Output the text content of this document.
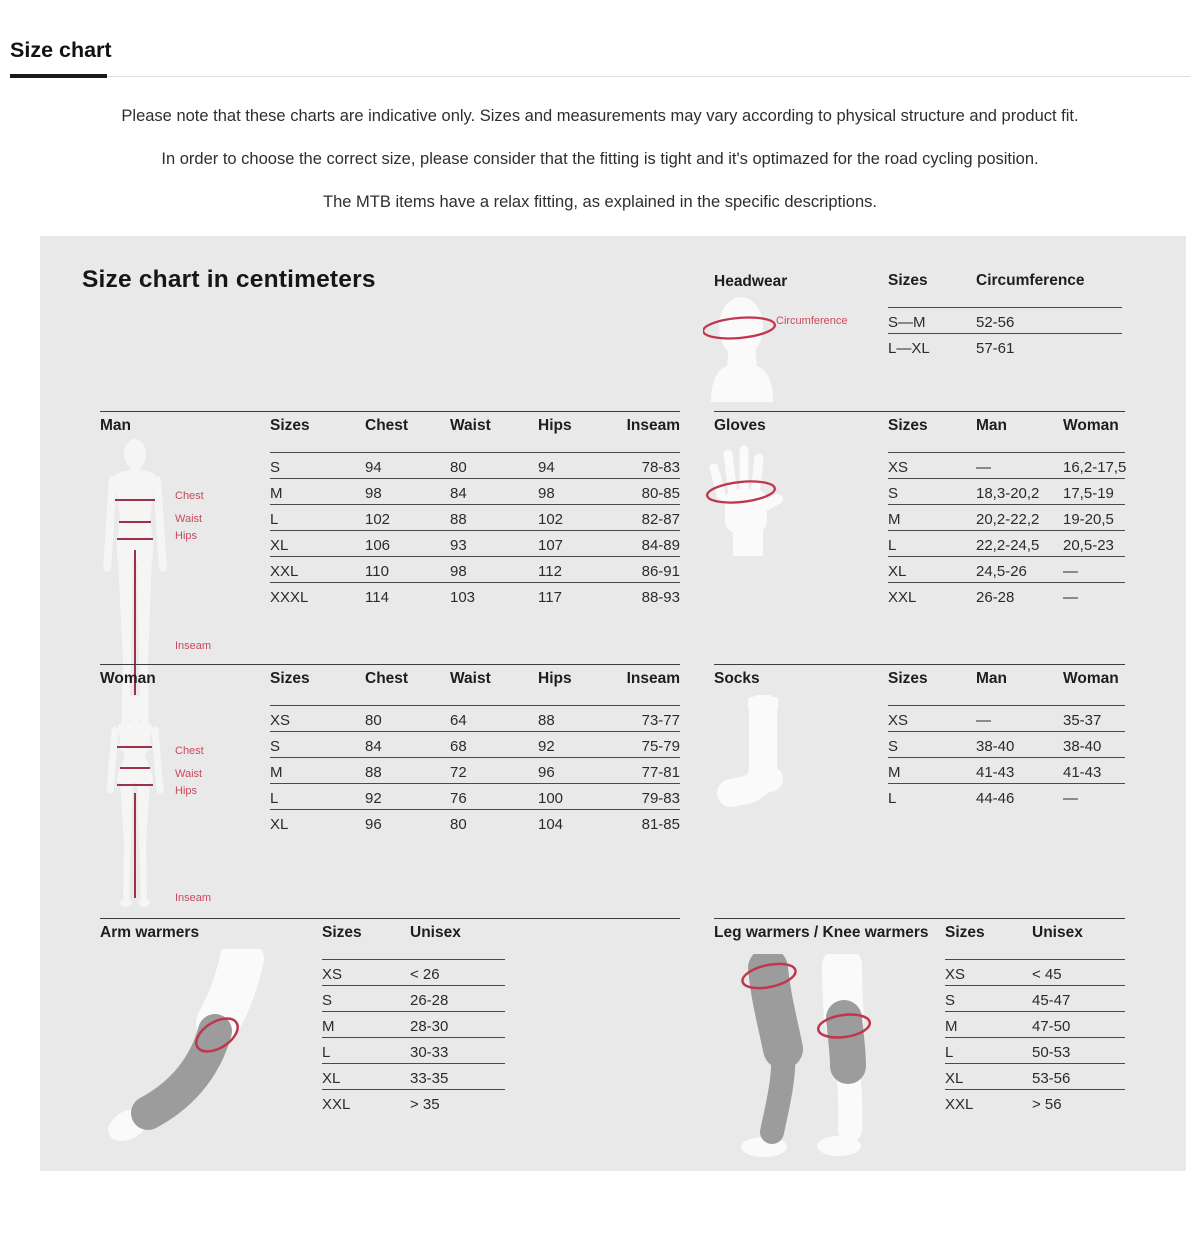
Size chart

Please note that these charts are indicative only. Sizes and measurements may vary according to physical structure and product fit.

In order to choose the correct size, please consider that the fitting is tight and it's optimazed for the road cycling position.

The MTB items have a relax fitting, as explained in the specific descriptions.

Size chart in centimeters	Headwear
Circumference
Sizes	Circumference
S—M	52-56
L—XL	57-61
Man
Chest
Waist
Hips
Inseam
Sizes	Chest	Waist	Hips	Inseam
S	94	80	94	78-83
M	98	84	98	80-85
L	102	88	102	82-87
XL	106	93	107	84-89
XXL	110	98	112	86-91
XXXL	114	103	117	88-93
Gloves	Sizes	Man	Woman
XS	—	16,2-17,5
S	18,3-20,2	17,5-19
M	20,2-22,2	19-20,5
L	22,2-24,5	20,5-23
XL	24,5-26	—
XXL	26-28	—
Woman
Chest
Waist
Hips
Inseam
Sizes	Chest	Waist	Hips	Inseam
XS	80	64	88	73-77
S	84	68	92	75-79
M	88	72	96	77-81
L	92	76	100	79-83
XL	96	80	104	81-85
Socks	Sizes	Man	Woman
XS	—	35-37
S	38-40	38-40
M	41-43	41-43
L	44-46	—
Arm warmers	Sizes	Unisex
XS	< 26
S	26-28
M	28-30
L	30-33
XL	33-35
XXL	> 35
Leg warmers / Knee warmers Sizes	Unisex
XS	< 45
S	45-47
M	47-50
L	50-53
XL	53-56
XXL	> 56
